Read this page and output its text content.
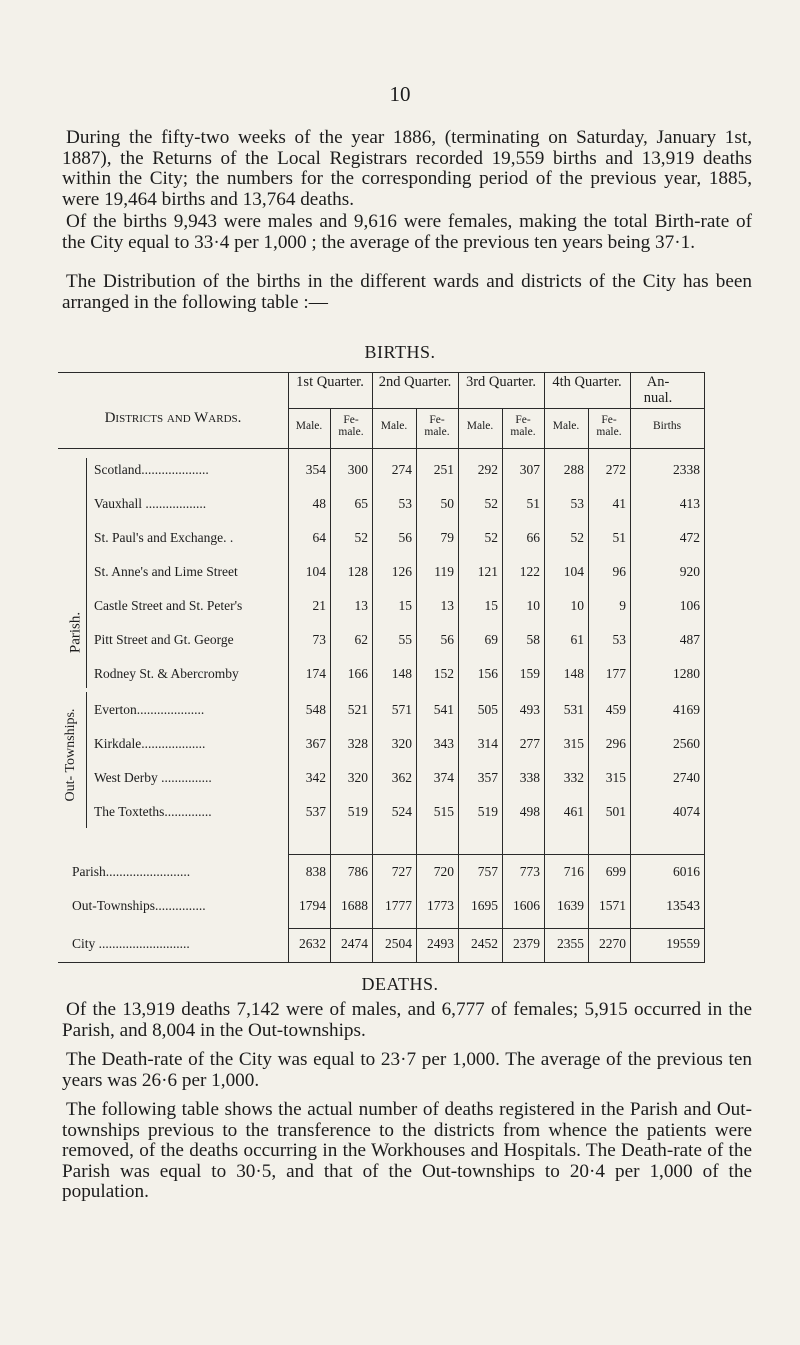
10

During the fifty-two weeks of the year 1886, (terminating on Saturday, January 1st, 1887), the Returns of the Local Registrars recorded 19,559 births and 13,919 deaths within the City; the numbers for the corresponding period of the previous year, 1885, were 19,464 births and 13,764 deaths.

Of the births 9,943 were males and 9,616 were females, making the total Birth-rate of the City equal to 33·4 per 1,000 ; the average of the previous ten years being 37·1.

The Distribution of the births in the different wards and districts of the City has been arranged in the following table :—

BIRTHS.
Districts and Wards.
1st Quarter.	2nd Quarter.	3rd Quarter.	4th Quarter.	An- nual.
Male.	Fe- male.	Male.	Fe- male.	Male.	Fe- male.	Male.	Fe- male.	Births
Parish.
Out- Townships.
Scotland....................	354	300	274	251	292	307	288	272	2338
Vauxhall ..................	48	65	53	50	52	51	53	41	413
St. Paul's and Exchange. .	64	52	56	79	52	66	52	51	472
St. Anne's and Lime Street	104	128	126	119	121	122	104	96	920
Castle Street and St. Peter's	21	13	15	13	15	10	10	9	106
Pitt Street and Gt. George	73	62	55	56	69	58	61	53	487
Rodney St. & Abercromby	174	166	148	152	156	159	148	177	1280
Everton....................	548	521	571	541	505	493	531	459	4169
Kirkdale...................	367	328	320	343	314	277	315	296	2560
West Derby ...............	342	320	362	374	357	338	332	315	2740
The Toxteths..............	537	519	524	515	519	498	461	501	4074
Parish.........................	838	786	727	720	757	773	716	699	6016
Out-Townships...............	1794	1688	1777	1773	1695	1606	1639	1571	13543
City ...........................	2632	2474	2504	2493	2452	2379	2355	2270	19559
DEATHS.

Of the 13,919 deaths 7,142 were of males, and 6,777 of females; 5,915 occurred in the Parish, and 8,004 in the Out-townships.

The Death-rate of the City was equal to 23·7 per 1,000. The average of the previous ten years was 26·6 per 1,000.

The following table shows the actual number of deaths registered in the Parish and Out-townships previous to the transference to the districts from whence the patients were removed, of the deaths occurring in the Workhouses and Hospitals. The Death-rate of the Parish was equal to 30·5, and that of the Out-townships to 20·4 per 1,000 of the population.
